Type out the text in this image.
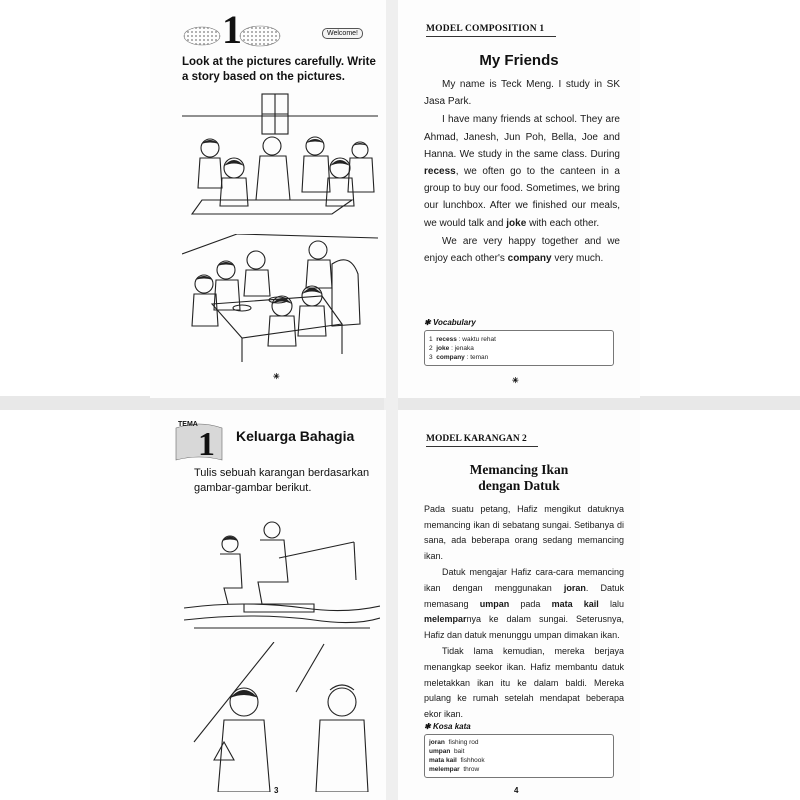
1	Welcome!
Look at the pictures carefully. Write a story based on the pictures.
✳
MODEL COMPOSITION 1
My Friends

My name is Teck Meng. I study in SK Jasa Park.

I have many friends at school. They are Ahmad, Janesh, Jun Poh, Bella, Joe and Hanna. We study in the same class. During recess, we often go to the canteen in a group to buy our food. Sometimes, we bring our lunchbox. After we finished our meals, we would talk and joke with each other.

We are very happy together and we enjoy each other's company very much.

✱ Vocabulary
1 recess : waktu rehat
2 joke : jenaka
3 company : teman
✳
TEMA
1 Keluarga Bahagia
Tulis sebuah karangan berdasarkan gambar-gambar berikut.
3
MODEL KARANGAN 2
Memancing Ikan
dengan Datuk

Pada suatu petang, Hafiz mengikut datuknya memancing ikan di sebatang sungai. Setibanya di sana, ada beberapa orang sedang memancing ikan.

Datuk mengajar Hafiz cara-cara memancing ikan dengan menggunakan joran. Datuk memasang umpan pada mata kail lalu melemparnya ke dalam sungai. Seterusnya, Hafiz dan datuk menunggu umpan dimakan ikan.

Tidak lama kemudian, mereka berjaya menangkap seekor ikan. Hafiz membantu datuk meletakkan ikan itu ke dalam baldi. Mereka pulang ke rumah setelah mendapat beberapa ekor ikan.

✱ Kosa kata
joran fishing rod
umpan bait
mata kail fishhook
melempar throw
4
